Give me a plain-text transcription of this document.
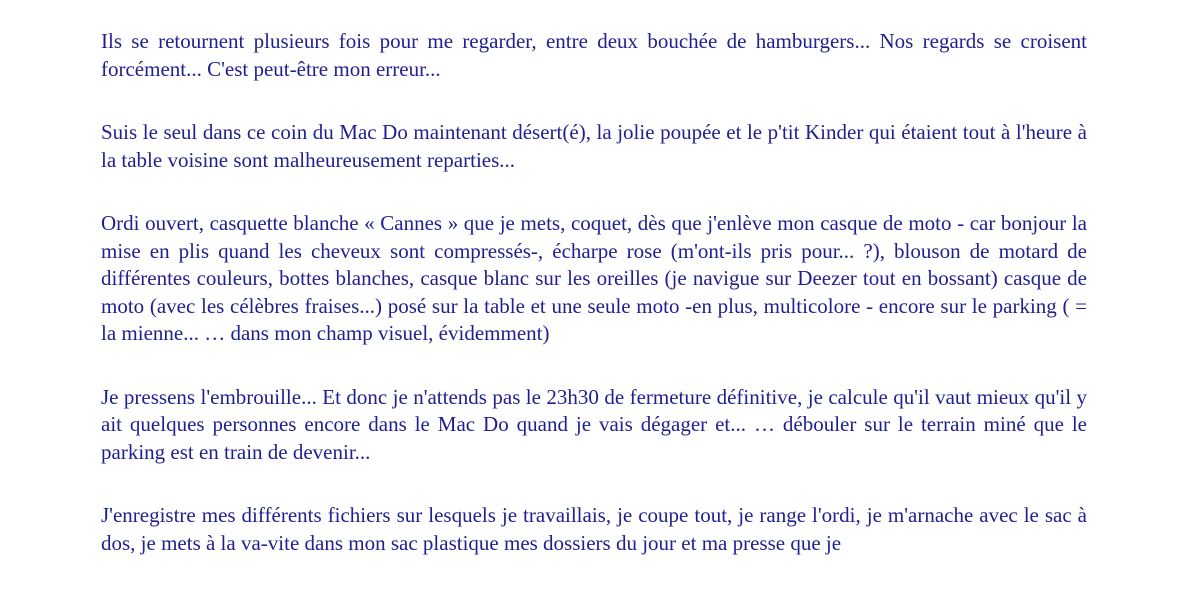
Ils se retournent plusieurs fois pour me regarder, entre deux bouchée de hamburgers... Nos regards se croisent forcément... C'est peut-être mon erreur...

Suis le seul dans ce coin du Mac Do maintenant désert(é), la jolie poupée et le p'tit Kinder qui étaient tout à l'heure à la table voisine sont malheureusement reparties...

Ordi ouvert, casquette blanche « Cannes » que je mets, coquet, dès que j'enlève mon casque de moto - car bonjour la mise en plis quand les cheveux sont compressés-, écharpe rose (m'ont-ils pris pour... ?), blouson de motard de différentes couleurs, bottes blanches, casque blanc sur les oreilles (je navigue sur Deezer tout en bossant) casque de moto (avec les célèbres fraises...) posé sur la table et une seule moto -en plus, multicolore - encore sur le parking ( = la mienne... … dans mon champ visuel, évidemment)

Je pressens l'embrouille... Et donc je n'attends pas le 23h30 de fermeture définitive, je calcule qu'il vaut mieux qu'il y ait quelques personnes encore dans le Mac Do quand je vais dégager et... … débouler sur le terrain miné que le parking est en train de devenir...

J'enregistre mes différents fichiers sur lesquels je travaillais, je coupe tout, je range l'ordi, je m'arnache avec le sac à dos, je mets à la va-vite dans mon sac plastique mes dossiers du jour et ma presse que je
